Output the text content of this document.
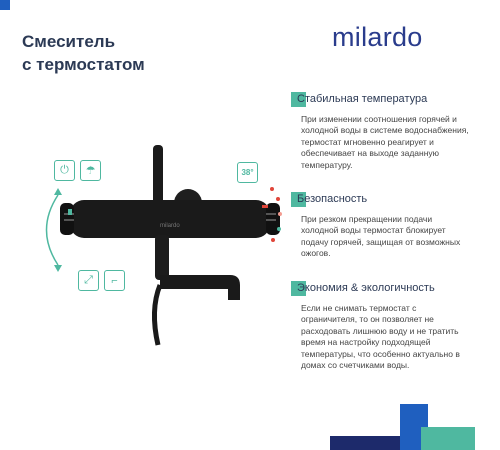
Смеситель
с термостатом
milardo
milardo
⏻	☂	38°
⤢	⌐
Стабильная температура
При изменении соотношения горячей и холодной воды в системе водоснабжения, термостат мгновенно реагирует и обеспечивает на выходе заданную температуру.
Безопасность
При резком прекращении подачи холодной воды термостат блокирует подачу горячей, защищая от возможных ожогов.
Экономия & экологичность
Если не снимать термостат с ограничителя, то он позволяет не расходовать лишнюю воду и не тратить время на настройку подходящей температуры, что особенно актуально в домах со счетчиками воды.
